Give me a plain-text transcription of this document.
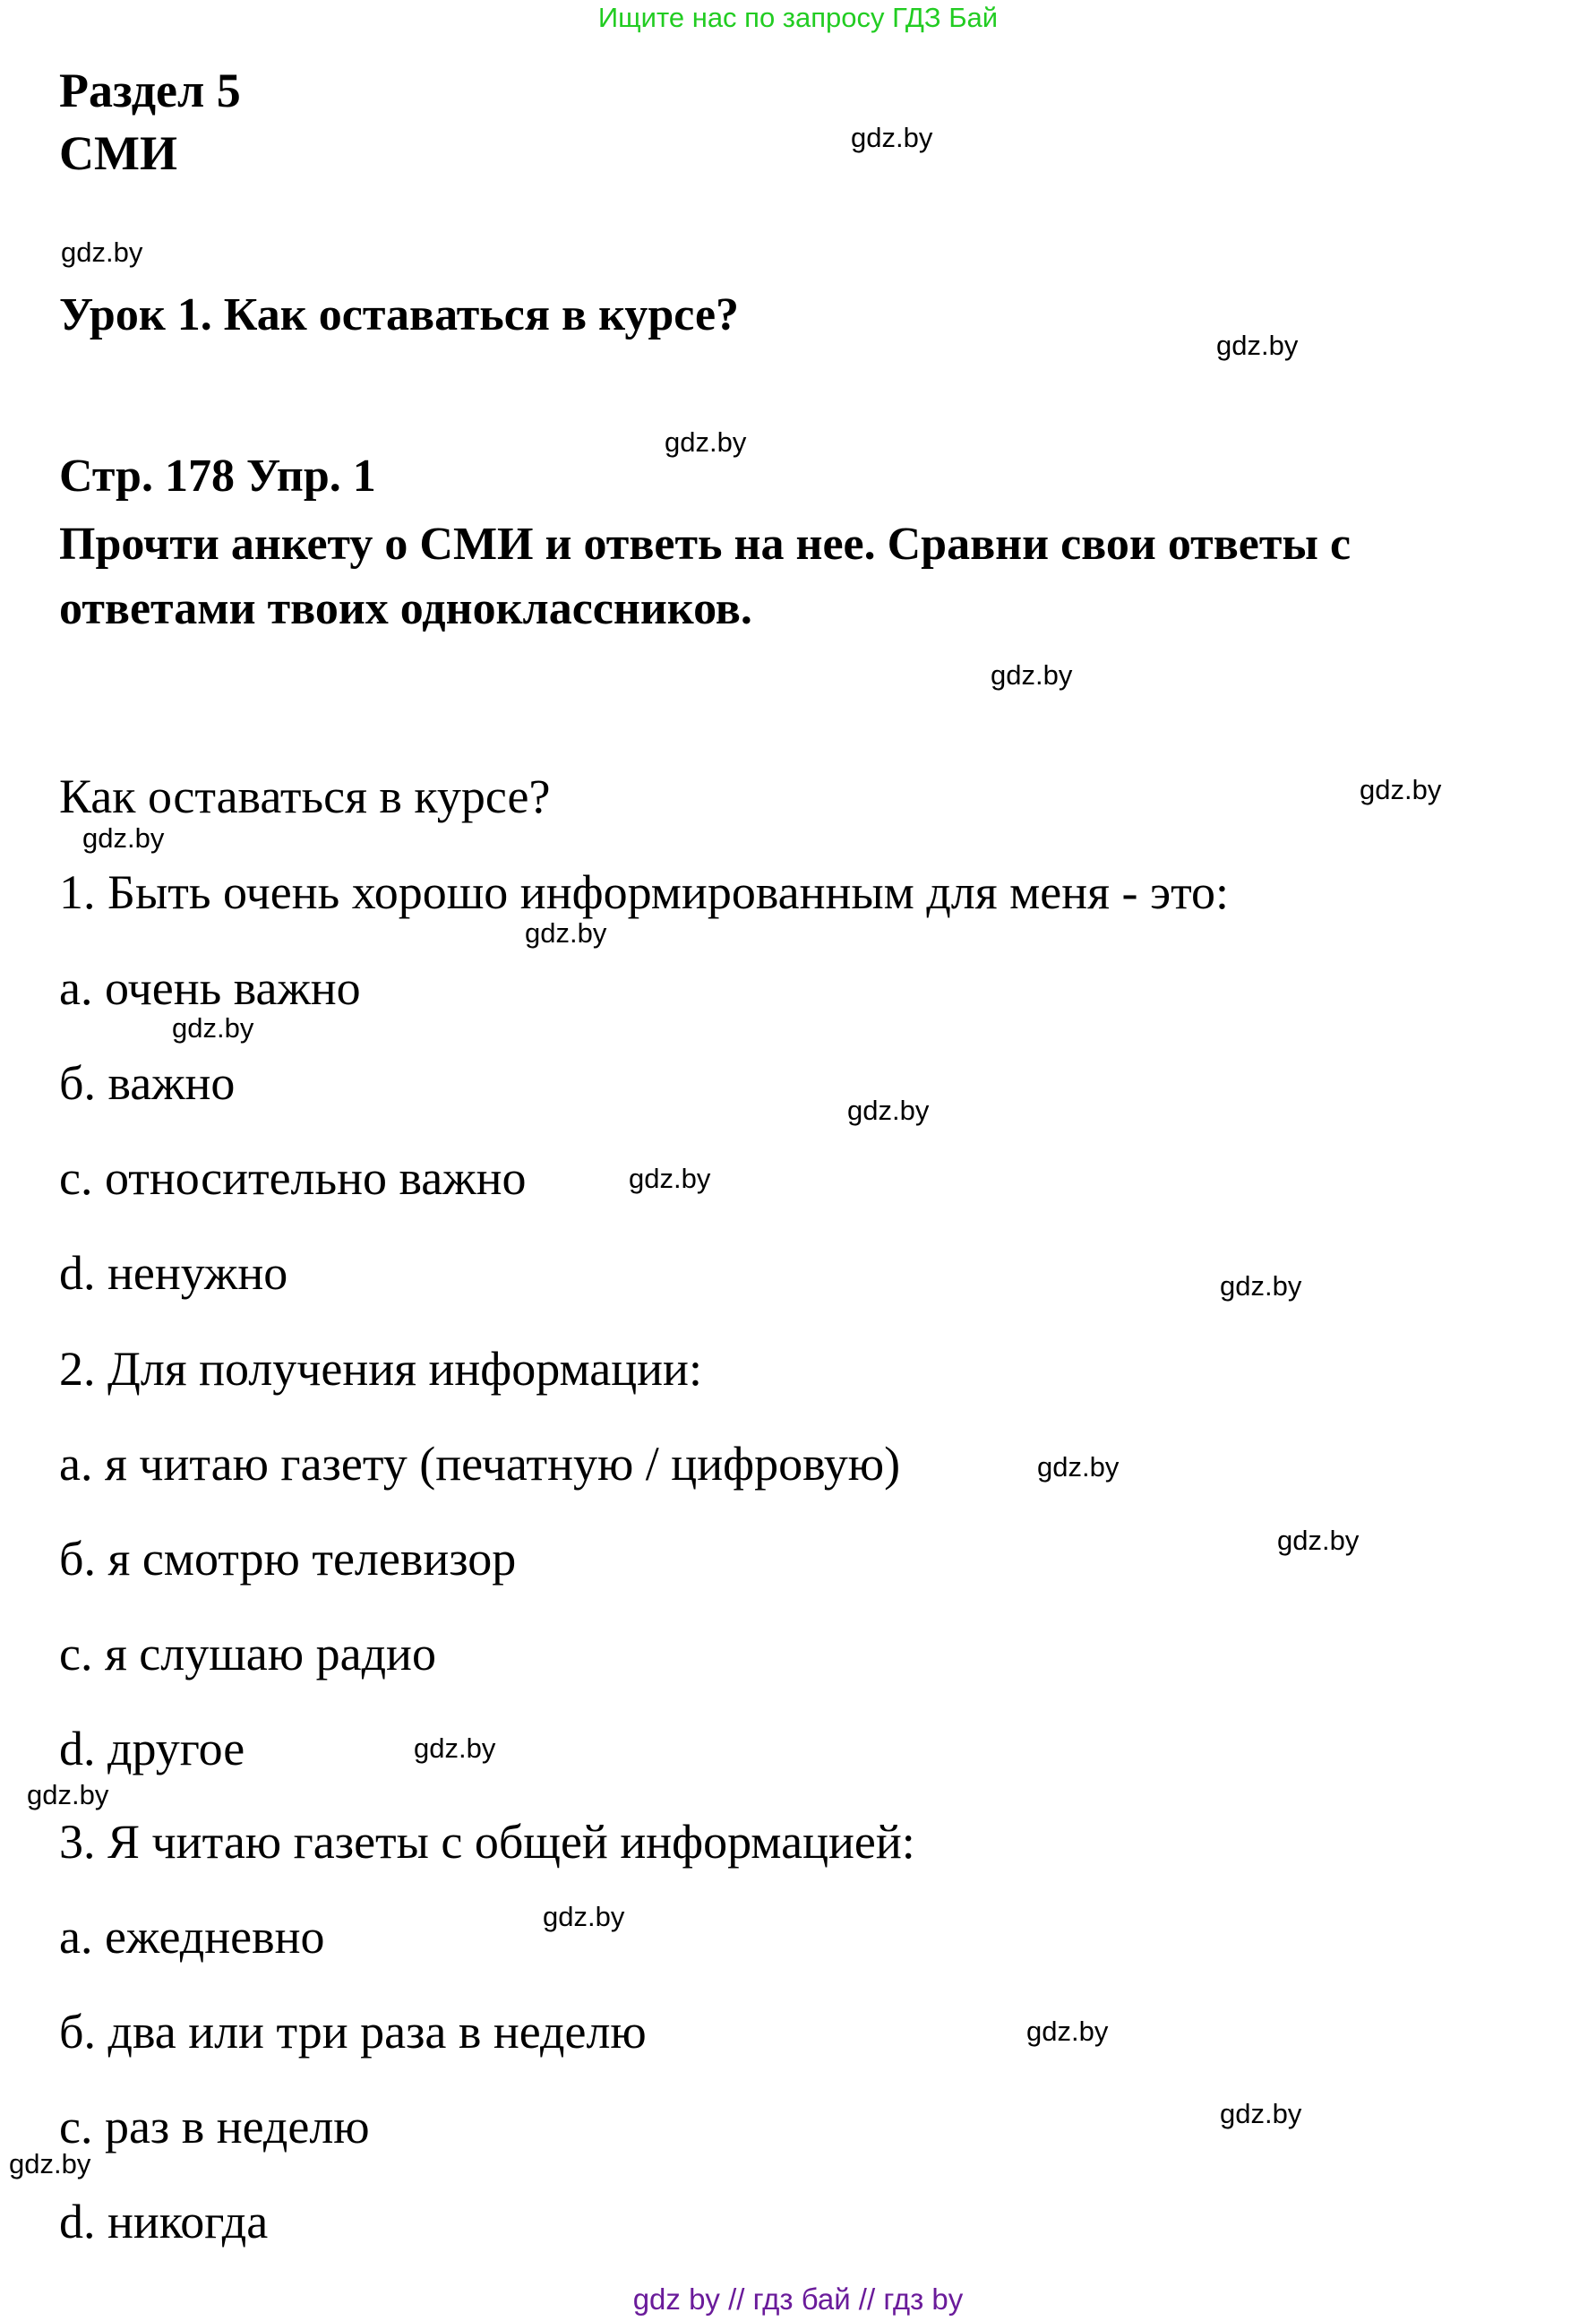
Ищите нас по запросу ГДЗ Бай
Раздел 5
СМИ
Урок 1. Как оставаться в курсе?
Стр. 178 Упр. 1
Прочти анкету о СМИ и ответь на нее. Сравни свои ответы с
ответами твоих одноклассников.
Как оставаться в курсе?
1. Быть очень хорошо информированным для меня - это:
а. очень важно
б. важно
c. относительно важно
d. ненужно
2. Для получения информации:
а. я читаю газету (печатную / цифровую)
б. я смотрю телевизор
c. я слушаю радио
d. другое
3. Я читаю газеты с общей информацией:
а. ежедневно
б. два или три раза в неделю
c. раз в неделю
d. никогда
gdz.by
gdz.by
gdz.by
gdz.by
gdz.by
gdz.by
gdz.by
gdz.by
gdz.by
gdz.by
gdz.by
gdz.by
gdz.by
gdz.by
gdz.by
gdz.by
gdz.by
gdz.by
gdz.by
gdz.by
gdz by // гдз бай // гдз by
